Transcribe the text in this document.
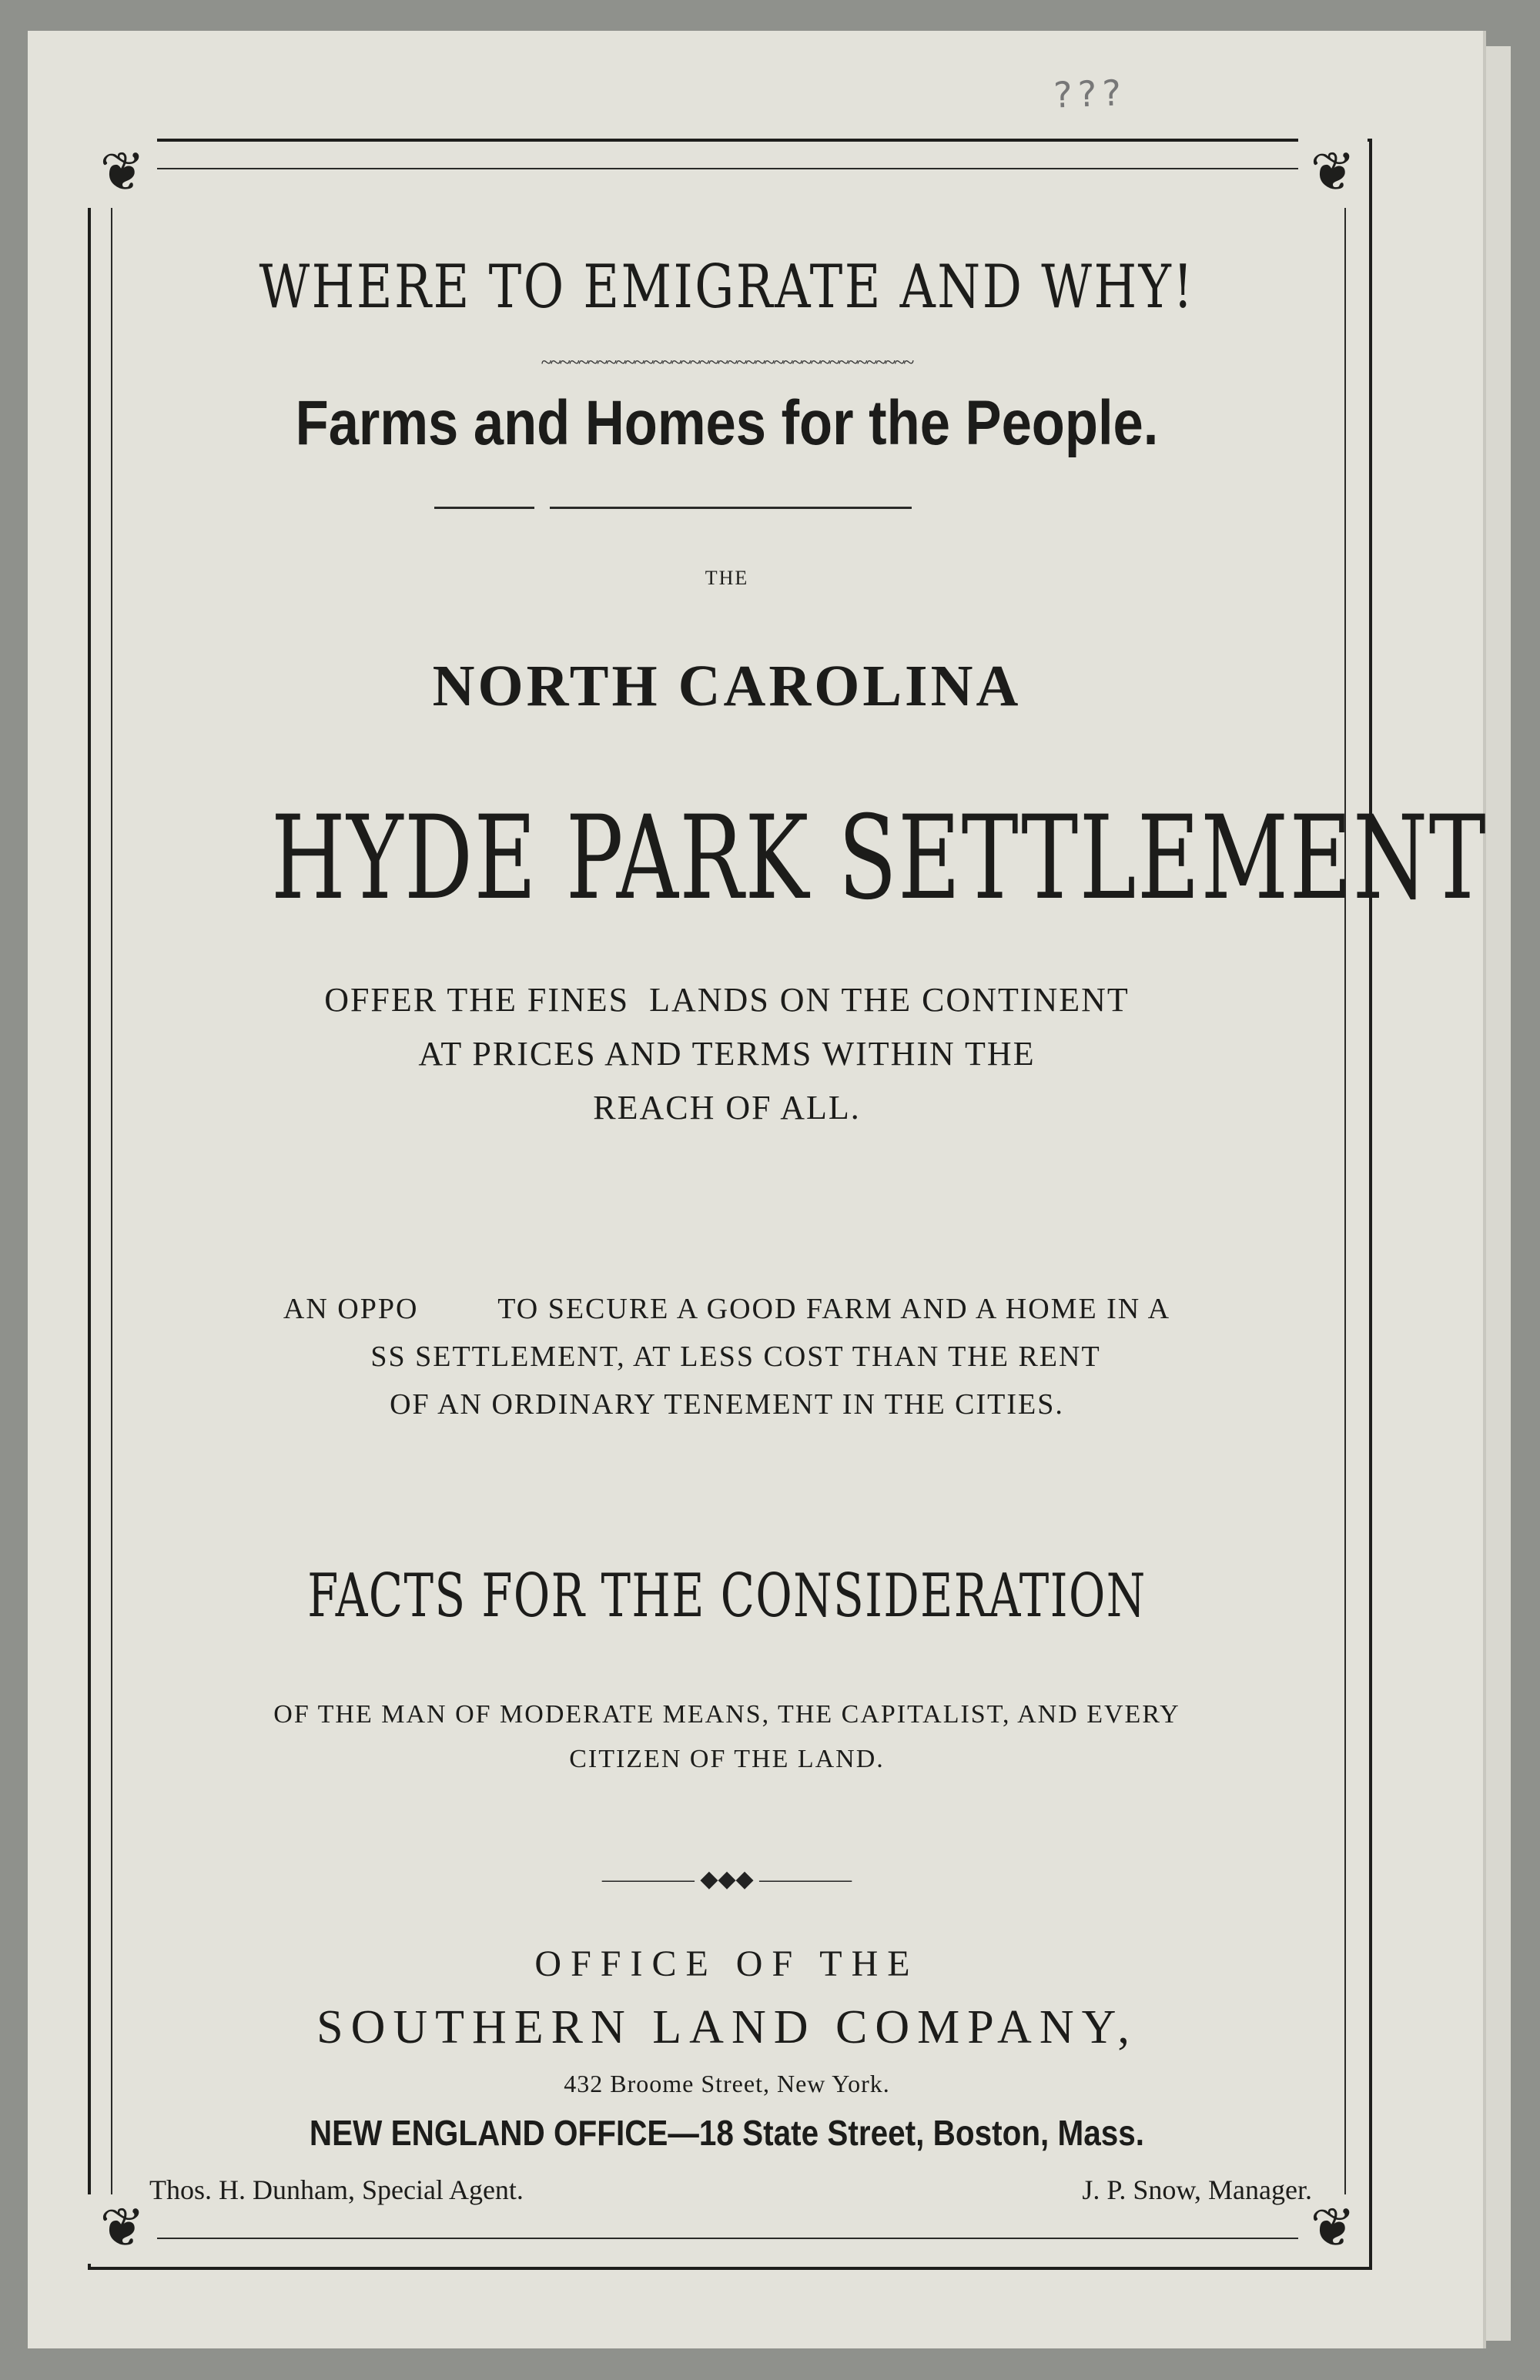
???
❦	❦
❦	❦
WHERE TO EMIGRATE AND WHY!
~~~~~~~~~~~~~~~~~~~~~~~~~~~~~~~~~~~~~~~~
Farms and Homes for the People.
THE
NORTH CAROLINA
HYDE PARK SETTLEMENT
OFFER THE FINES  LANDS ON THE CONTINENT
AT PRICES AND TERMS WITHIN THE
REACH OF ALL.
AN OPPO         TO SECURE A GOOD FARM AND A HOME IN A
  SS SETTLEMENT, AT LESS COST THAN THE RENT
OF AN ORDINARY TENEMENT IN THE CITIES.
FACTS FOR THE CONSIDERATION
OF THE MAN OF MODERATE MEANS, THE CAPITALIST, AND EVERY
CITIZEN OF THE LAND.
———— ◆◆◆ ————
OFFICE OF THE
SOUTHERN LAND COMPANY,
432 Broome Street, New York.
NEW ENGLAND OFFICE—18 State Street, Boston, Mass.
Thos. H. Dunham, Special Agent.	J. P. Snow, Manager.
